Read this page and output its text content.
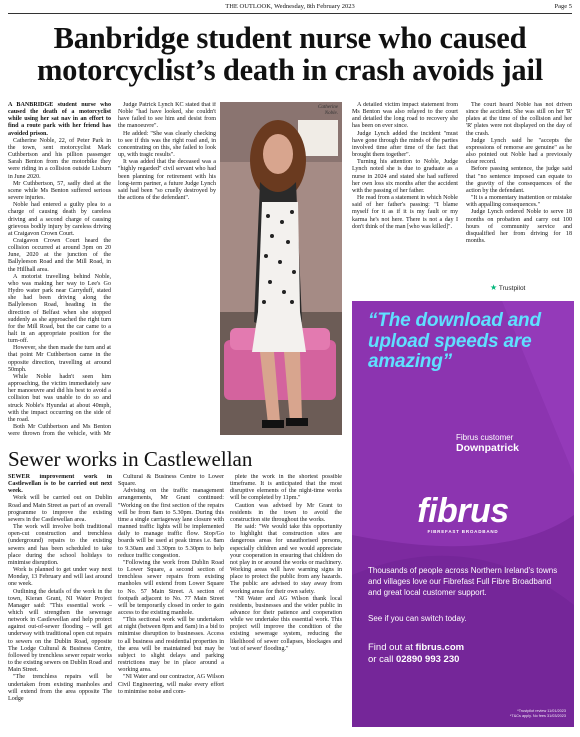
THE OUTLOOK, Wednesday, 8th February 2023	Page 5
Banbridge student nurse who caused motorcyclist’s death in crash avoids jail

A BANBRIDGE student nurse who caused the death of a motorcyclist while using her sat nav in an effort to find a route park with her friend has avoided prison.

Catherine Noble, 22, of Peter Park in the town, sent motorcyclist Mark Cuthbertson and his pillion passenger Sarah Benton from the motorbike they were riding in a collision outside Lisburn in June 2020.

Mr Cuthbertson, 57, sadly died at the scene while Ms Benton suffered serious severe injuries.

Noble had entered a guilty plea to a charge of causing death by careless driving and a second charge of causing grievous bodily injury by careless driving at Craigavon Crown Court.

Craigavon Crown Court heard the collision occurred at around 3pm on 20 June, 2020 at the junction of the Ballyleeson Road and the Mill Road, in the Hillhall area.

A motorist travelling behind Noble, who was making her way to Lee's Go Hydro water park near Carryduff, stated she had been driving along the Ballyleeson Road, heading in the direction of Belfast when she stopped suddenly as she approached the right turn for the Mill Road, but the car came to a halt in an appropriate position for the turn-off.

However, she then made the turn and at that point Mr Cuthbertson came in the opposite direction, travelling at around 50mph.

While Noble hadn't seen him approaching, the victim immediately saw her manoeuvre and did his best to avoid a collision but was unable to do so and struck Noble's Hyundai at about 40mph, with the impact occurring on the side of the road.

Both Mr Cuthbertson and Ms Benton were thrown from the vehicle, with Mr

Judge Patrick Lynch KC stated that if Noble "had have looked, she couldn't have failed to see him and desist from the manoeuvre".

He added: "She was clearly checking to see if this was the right road and, in concentrating on this, she failed to look up, with tragic results".

It was added that the deceased was a "highly regarded" civil servant who had been planning for retirement with his long-term partner, a future Judge Lynch said had been "so cruelly destroyed by the actions of the defendant".

Catherine
Noble.

A detailed victim impact statement from Ms Benton was also relayed to the court and detailed the long road to recovery she has been on ever since.

Judge Lynch added the incident "must have gone through the minds of the parties involved time after time of the fact that brought them together".

Turning his attention to Noble, Judge Lynch noted she is due to graduate as a nurse in 2024 and stated she had suffered her own loss six months after the accident with the passing of her father.

He read from a statement in which Noble said of her father's passing: "I blame myself for it as if it is my fault or my karma he's not here. There is not a day I don't think of the man [who was killed]".

The court heard Noble has not driven since the accident. She was still on her 'R' plates at the time of the collision and her 'R' plates were not displayed on the day of the crash.

Judge Lynch said he "accepts the expressions of remorse are genuine" as he also pointed out Noble had a previously clear record.

Before passing sentence, the judge said that "no sentence imposed can equate to the gravity of the consequences of the action by the defendant.

"It is a momentary inattention or mistake with appalling consequences."

Judge Lynch ordered Noble to serve 18 months on probation and carry out 100 hours of community service and disqualified her from driving for 18 months.

Sewer works in Castlewellan

SEWER improvement work in Castlewellan is to be carried out next week.

Work will be carried out on Dublin Road and Main Street as part of an overall programme to improve the existing sewers in the Castlewellan area.

The work will involve both traditional open-cut construction and trenchless (underground) repairs to the existing sewers and has been scheduled to take place during the school holidays to minimise disruption.

Work is planned to get under way next Monday, 13 February and will last around one week.

Outlining the details of the work in the town, Kieran Grant, NI Water Project Manager said: "This essential work – which will strengthen the sewerage network in Castlewellan and help protect against out-of-sewer flooding – will get underway with traditional open cut repairs to sewers on the Dublin Road, opposite The Lodge Cultural & Business Centre, followed by trenchless sewer repair works to the existing sewers on Dublin Road and Main Street.

"The trenchless repairs will be undertaken from existing manholes and will extend from the area opposite The Lodge

Cultural & Business Centre to Lower Square.

Advising on the traffic management arrangements, Mr Grant continued: "Working on the first section of the repairs will be from 8am to 5.30pm. During this time a single carriageway lane closure with manned traffic lights will be implemented daily to manage traffic flow. Stop/Go boards will be used at peak times i.e. 8am to 9.30am and 3.30pm to 5.30pm to help reduce traffic congestion.

"Following the work from Dublin Road to Lower Square, a second section of trenchless sewer repairs from existing manholes will extend from Lower Square to No. 57 Main Street. A section of footpath adjacent to No. 77 Main Street will be temporarily closed in order to gain access to the existing manhole.

"This sectional work will be undertaken at night (between 8pm and 6am) in a bid to minimise disruption to businesses. Access to all business and residential properties in the area will be maintained but may be subject to slight delays and parking restrictions may be in place around a working area.

"NI Water and our contractor, AG Wilson Civil Engineering, will make every effort to minimise noise and com-

plete the work in the shortest possible timeframe. It is anticipated that the most disruptive elements of the night-time works will be completed by 11pm."

Caution was advised by Mr Grant to residents in the town to avoid the construction site throughout the works.

He said: "We would take this opportunity to highlight that construction sites are dangerous areas for unauthorised persons, especially children and we would appreciate your cooperation in ensuring that children do not play in or around the works or machinery. Working areas will have warning signs in place to protect the public from any hazards. The public are advised to stay away from working areas for their own safety.

"NI Water and AG Wilson thank local residents, businesses and the wider public in advance for their patience and cooperation while we undertake this essential work. This project will improve the condition of the existing sewerage system, reducing the likelihood of sewer collapses, blockages and 'out of sewer' flooding."

★ Trustpilot
“The download and upload speeds are amazing”
Fibrus customer
Downpatrick
fibrus
FIBREFAST BROADBAND
Thousands of people across Northern Ireland's towns and villages love our Fibrefast Full Fibre Broadband and great local customer support.
See if you can switch today.
Find out at fibrus.com
or call 02890 993 230
*Trustpilot review 11/01/2023
*T&Cs apply. No fees 31/03/2023
